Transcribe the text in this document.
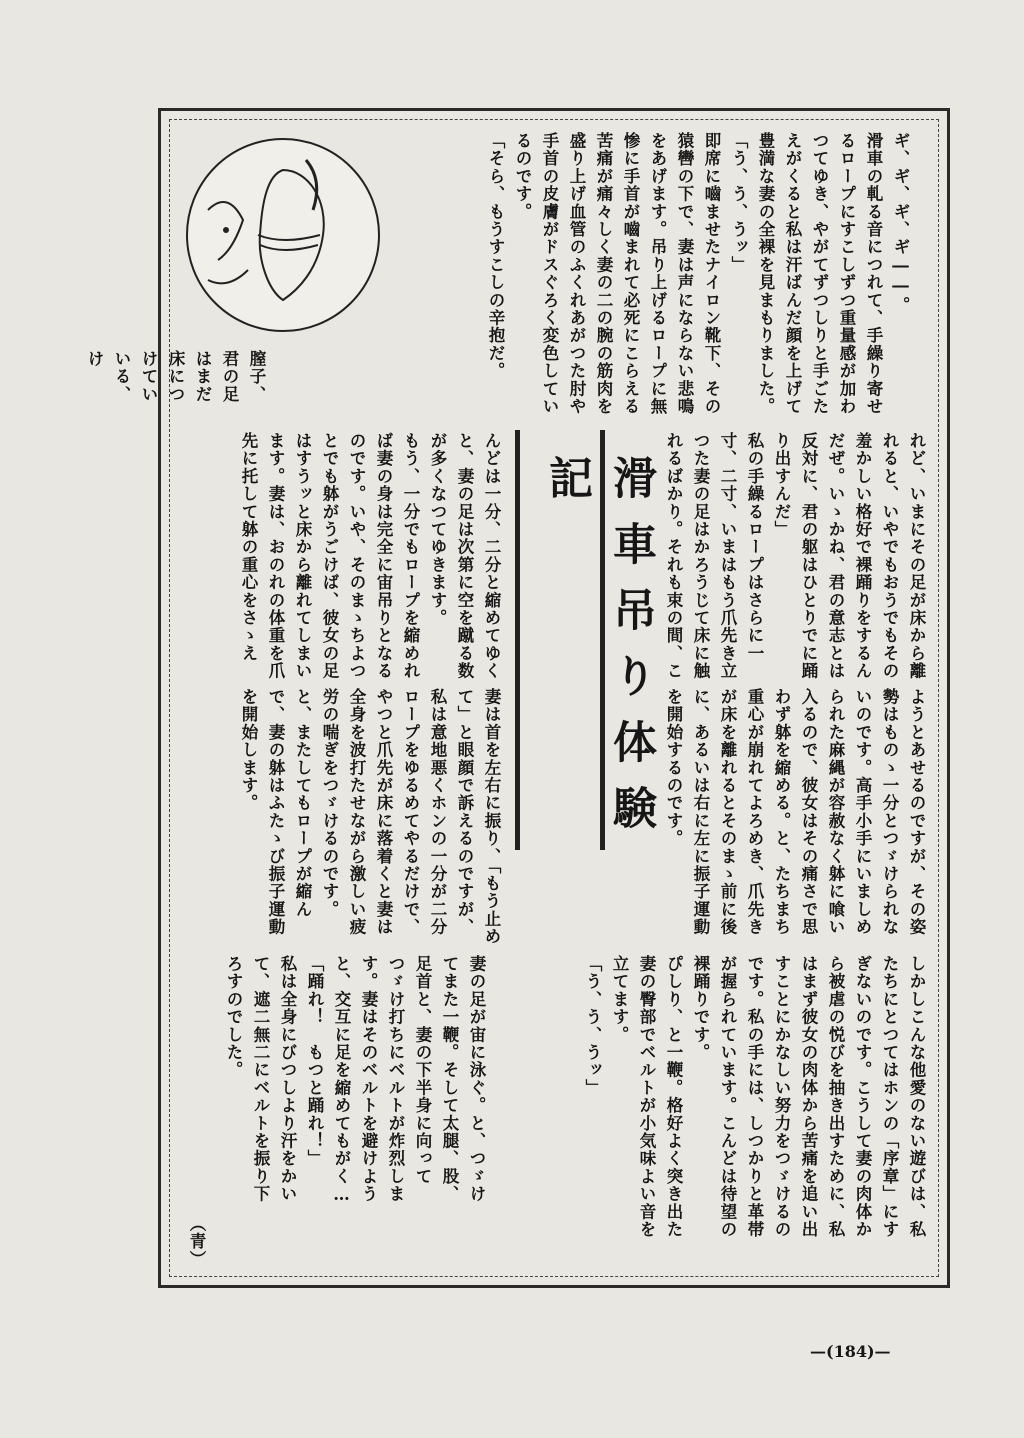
ギ、ギ、ギ、ギ――。
滑車の軋る音につれて、手繰り寄せるロープにすこしずつ重量感が加わつてゆき、やがてずつしりと手ごたえがくると私は汗ばんだ顔を上げて豊満な妻の全裸を見まもりました。
「う、う、うッ」
即席に嚙ませたナイロン靴下、その猿轡の下で、妻は声にならない悲鳴をあげます。吊り上げるロープに無惨に手首が嚙まれて必死にこらえる苦痛が痛々しく妻の二の腕の筋肉を盛り上げ血管のふくれあがつた肘や手首の皮膚がドスぐろく変色しているのです。
「そら、もうすこしの辛抱だ。
膣子、君の足はまだ床につけていいる、け
滑車吊り体験記	れど、いまにその足が床から離れると、いやでもおうでもその羞かしい格好で裸踊りをするんだぜ。いゝかね、君の意志とは反対に、君の躯はひとりでに踊り出すんだ」
私の手繰るロープはさらに一寸、二寸、いまはもう爪先き立つた妻の足はかろうじて床に触れるばかり。それも束の間、こ
んどは一分、二分と縮めてゆくと、妻の足は次第に空を蹴る数が多くなつてゆきます。
もう、一分でもロープを縮めれば妻の身は完全に宙吊りとなるのです。いや、そのまゝちよつとでも躰がうごけば、彼女の足はすうッと床から離れてしまいます。妻は、おのれの体重を爪先に托して躰の重心をさゝえ
ようとあせるのですが、その姿勢はものゝ一分とつゞけられないのです。高手小手にいましめられた麻縄が容赦なく躰に喰い入るので、彼女はその痛さで思わず躰を縮める。と、たちまち重心が崩れてよろめき、爪先きが床を離れるとそのまゝ前に後に、あるいは右に左に振子運動を開始するのです。
妻は首を左右に振り、「もう止めて」と眼顔で訴えるのですが、私は意地悪くホンの一分が二分ロープをゆるめてやるだけで、やつと爪先が床に落着くと妻は全身を波打たせながら激しい疲労の喘ぎをつゞけるのです。と、またしてもロープが縮んで、妻の躰はふたゝび振子運動を開始します。
しかしこんな他愛のない遊びは、私たちにとつてはホンの「序章」にすぎないのです。こうして妻の肉体から被虐の悦びを抽き出すために、私はまず彼女の肉体から苦痛を追い出すことにかなしい努力をつゞけるのです。私の手には、しつかりと革帯が握られています。こんどは待望の裸踊りです。
ぴしり、と一鞭。格好よく突き出た妻の臀部でベルトが小気味よい音を立てます。
「う、う、うッ」
妻の足が宙に泳ぐ。と、つゞけてまた一鞭。そして太腿、股、足首と、妻の下半身に向ってつゞけ打ちにベルトが炸烈します。妻はそのベルトを避けようと、交互に足を縮めてもがく…「踊れ！　もつと踊れ！」
私は全身にびつしより汗をかいて、遮二無二にベルトを振り下ろすのでした。
（青）
—(184)—
